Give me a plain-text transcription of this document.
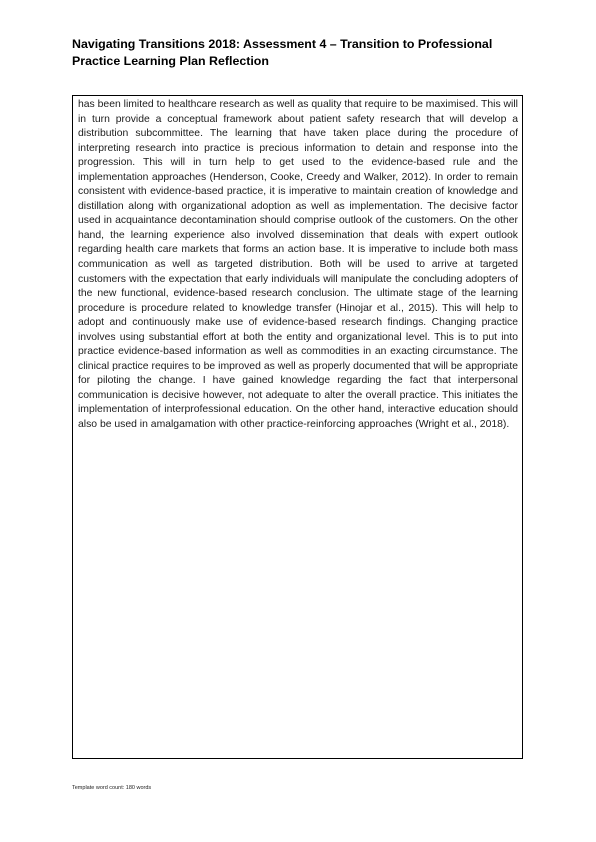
Navigating Transitions 2018: Assessment 4 – Transition to Professional Practice Learning Plan Reflection
has been limited to healthcare research as well as quality that require to be maximised. This will in turn provide a conceptual framework about patient safety research that will develop a distribution subcommittee. The learning that have taken place during the procedure of interpreting research into practice is precious information to detain and response into the progression. This will in turn help to get used to the evidence-based rule and the implementation approaches (Henderson, Cooke, Creedy and Walker, 2012). In order to remain consistent with evidence-based practice, it is imperative to maintain creation of knowledge and distillation along with organizational adoption as well as implementation. The decisive factor used in acquaintance decontamination should comprise outlook of the customers. On the other hand, the learning experience also involved dissemination that deals with expert outlook regarding health care markets that forms an action base. It is imperative to include both mass communication as well as targeted distribution. Both will be used to arrive at targeted customers with the expectation that early individuals will manipulate the concluding adopters of the new functional, evidence-based research conclusion. The ultimate stage of the learning procedure is procedure related to knowledge transfer (Hinojar et al., 2015). This will help to adopt and continuously make use of evidence-based research findings. Changing practice involves using substantial effort at both the entity and organizational level. This is to put into practice evidence-based information as well as commodities in an exacting circumstance. The clinical practice requires to be improved as well as properly documented that will be appropriate for piloting the change. I have gained knowledge regarding the fact that interpersonal communication is decisive however, not adequate to alter the overall practice. This initiates the implementation of interprofessional education. On the other hand, interactive education should also be used in amalgamation with other practice-reinforcing approaches (Wright et al., 2018).
Template word count: 180 words
